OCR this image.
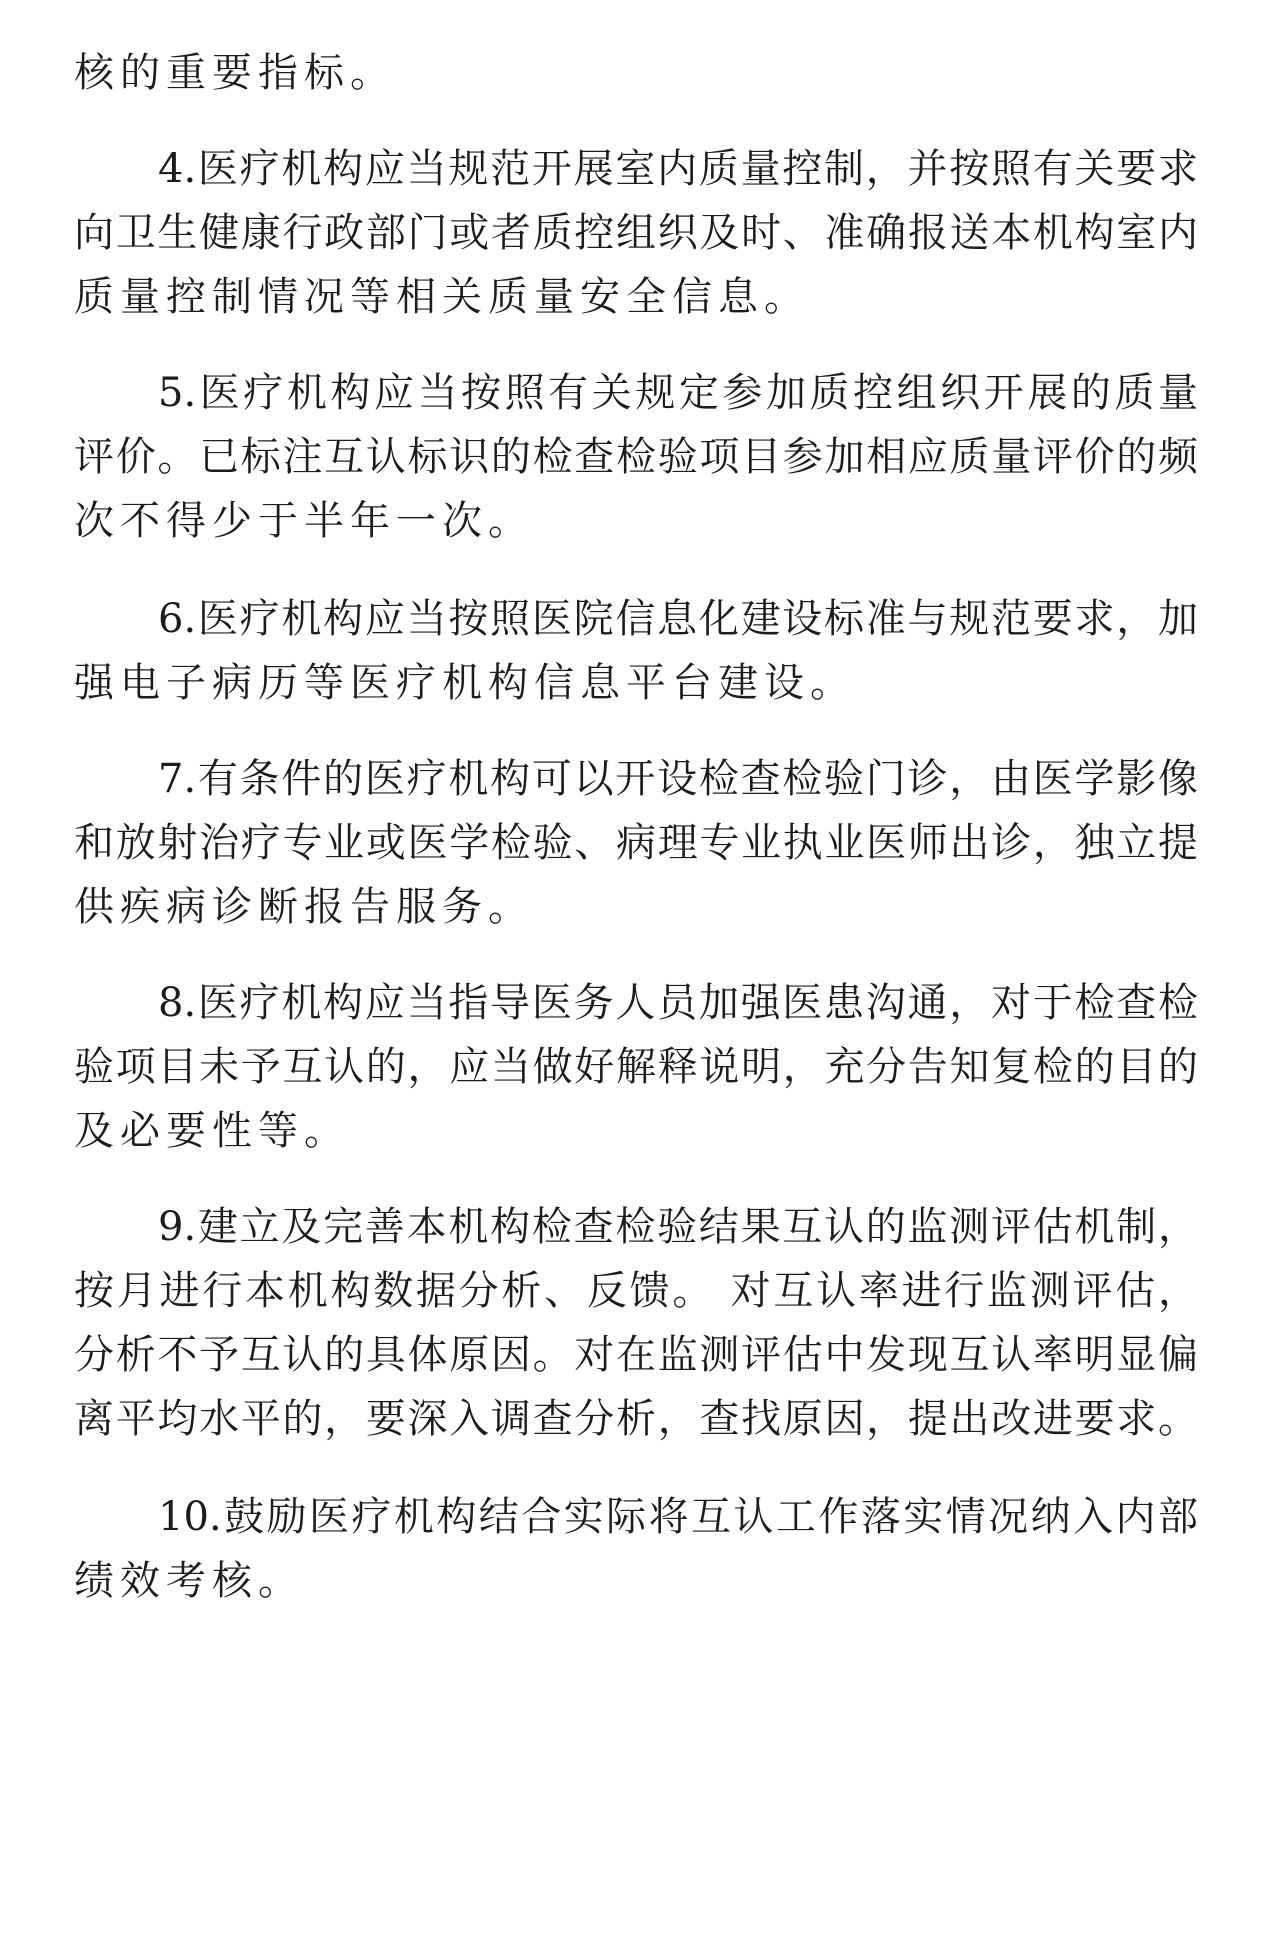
核的重要指标。

4.医疗机构应当规范开展室内质量控制，并按照有关要求

向卫生健康行政部门或者质控组织及时、准确报送本机构室内

质量控制情况等相关质量安全信息。

5.医疗机构应当按照有关规定参加质控组织开展的质量

评价。已标注互认标识的检查检验项目参加相应质量评价的频

次不得少于半年一次。

6.医疗机构应当按照医院信息化建设标准与规范要求，加

强电子病历等医疗机构信息平台建设。

7.有条件的医疗机构可以开设检查检验门诊，由医学影像

和放射治疗专业或医学检验、病理专业执业医师出诊，独立提

供疾病诊断报告服务。

8.医疗机构应当指导医务人员加强医患沟通，对于检查检

验项目未予互认的，应当做好解释说明，充分告知复检的目的

及必要性等。

9.建立及完善本机构检查检验结果互认的监测评估机制，

按月进行本机构数据分析、反馈。 对互认率进行监测评估，

分析不予互认的具体原因。对在监测评估中发现互认率明显偏

离平均水平的，要深入调查分析，查找原因，提出改进要求。

10.鼓励医疗机构结合实际将互认工作落实情况纳入内部

绩效考核。
